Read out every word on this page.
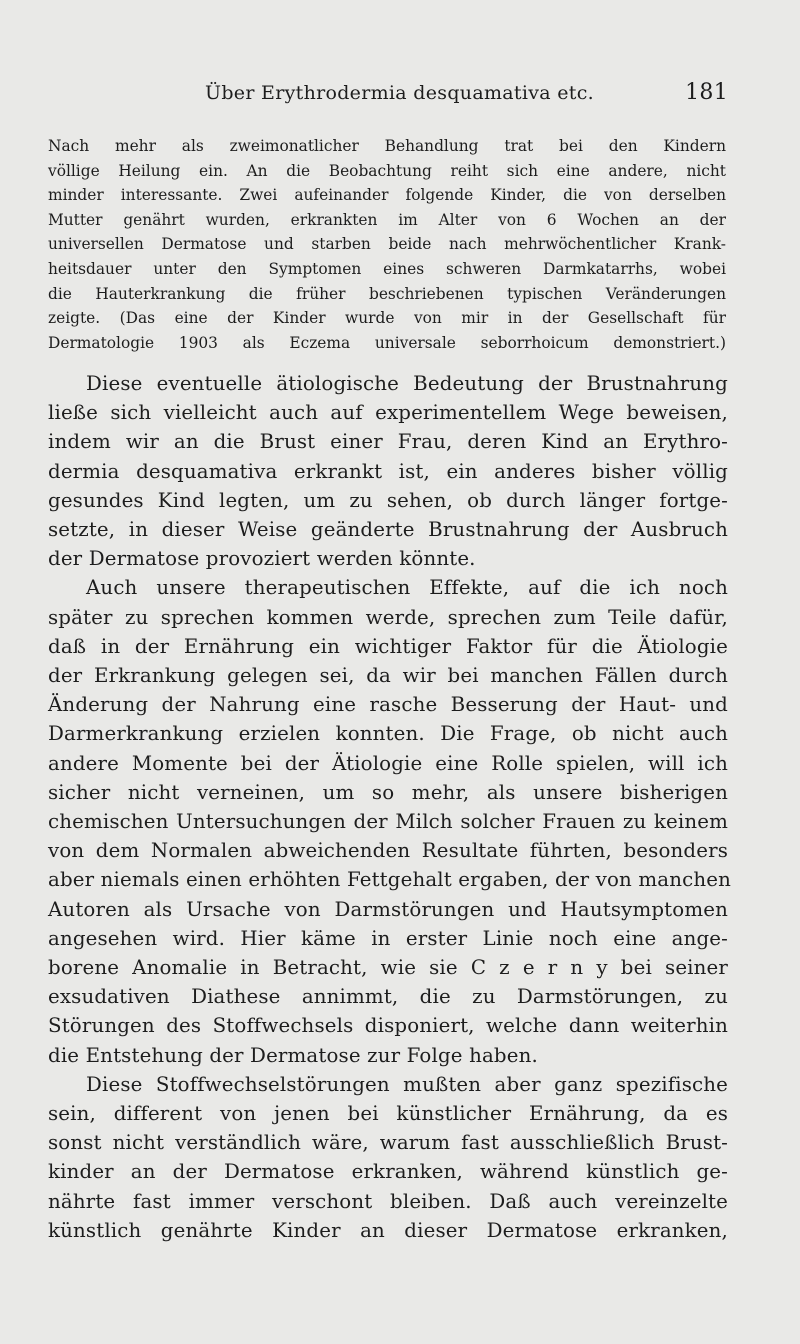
Über Erythrodermia desquamativa etc.	181
Nach mehr als zweimonatlicher Behandlung trat bei den Kindern
völlige Heilung ein. An die Beobachtung reiht sich eine andere, nicht
minder interessante. Zwei aufeinander folgende Kinder, die von derselben
Mutter genährt wurden, erkrankten im Alter von 6 Wochen an der
universellen Dermatose und starben beide nach mehrwöchentlicher Krank-
heitsdauer unter den Symptomen eines schweren Darmkatarrhs, wobei
die Hauterkrankung die früher beschriebenen typischen Veränderungen
zeigte. (Das eine der Kinder wurde von mir in der Gesellschaft für
Dermatologie 1903 als Eczema universale seborrhoicum demonstriert.)
Diese eventuelle ätiologische Bedeutung der Brustnahrung
ließe sich vielleicht auch auf experimentellem Wege beweisen,
indem wir an die Brust einer Frau, deren Kind an Erythro-
dermia desquamativa erkrankt ist, ein anderes bisher völlig
gesundes Kind legten, um zu sehen, ob durch länger fortge-
setzte, in dieser Weise geänderte Brustnahrung der Ausbruch
der Dermatose provoziert werden könnte.
Auch unsere therapeutischen Effekte, auf die ich noch
später zu sprechen kommen werde, sprechen zum Teile dafür,
daß in der Ernährung ein wichtiger Faktor für die Ätiologie
der Erkrankung gelegen sei, da wir bei manchen Fällen durch
Änderung der Nahrung eine rasche Besserung der Haut- und
Darmerkrankung erzielen konnten. Die Frage, ob nicht auch
andere Momente bei der Ätiologie eine Rolle spielen, will ich
sicher nicht verneinen, um so mehr, als unsere bisherigen
chemischen Untersuchungen der Milch solcher Frauen zu keinem
von dem Normalen abweichenden Resultate führten, besonders
aber niemals einen erhöhten Fettgehalt ergaben, der von manchen
Autoren als Ursache von Darmstörungen und Hautsymptomen
angesehen wird. Hier käme in erster Linie noch eine ange-
borene Anomalie in Betracht, wie sie C z e r n y bei seiner
exsudativen Diathese annimmt, die zu Darmstörungen, zu
Störungen des Stoffwechsels disponiert, welche dann weiterhin
die Entstehung der Dermatose zur Folge haben.
Diese Stoffwechselstörungen mußten aber ganz spezifische
sein, different von jenen bei künstlicher Ernährung, da es
sonst nicht verständlich wäre, warum fast ausschließlich Brust-
kinder an der Dermatose erkranken, während künstlich ge-
nährte fast immer verschont bleiben. Daß auch vereinzelte
künstlich genährte Kinder an dieser Dermatose erkranken,
